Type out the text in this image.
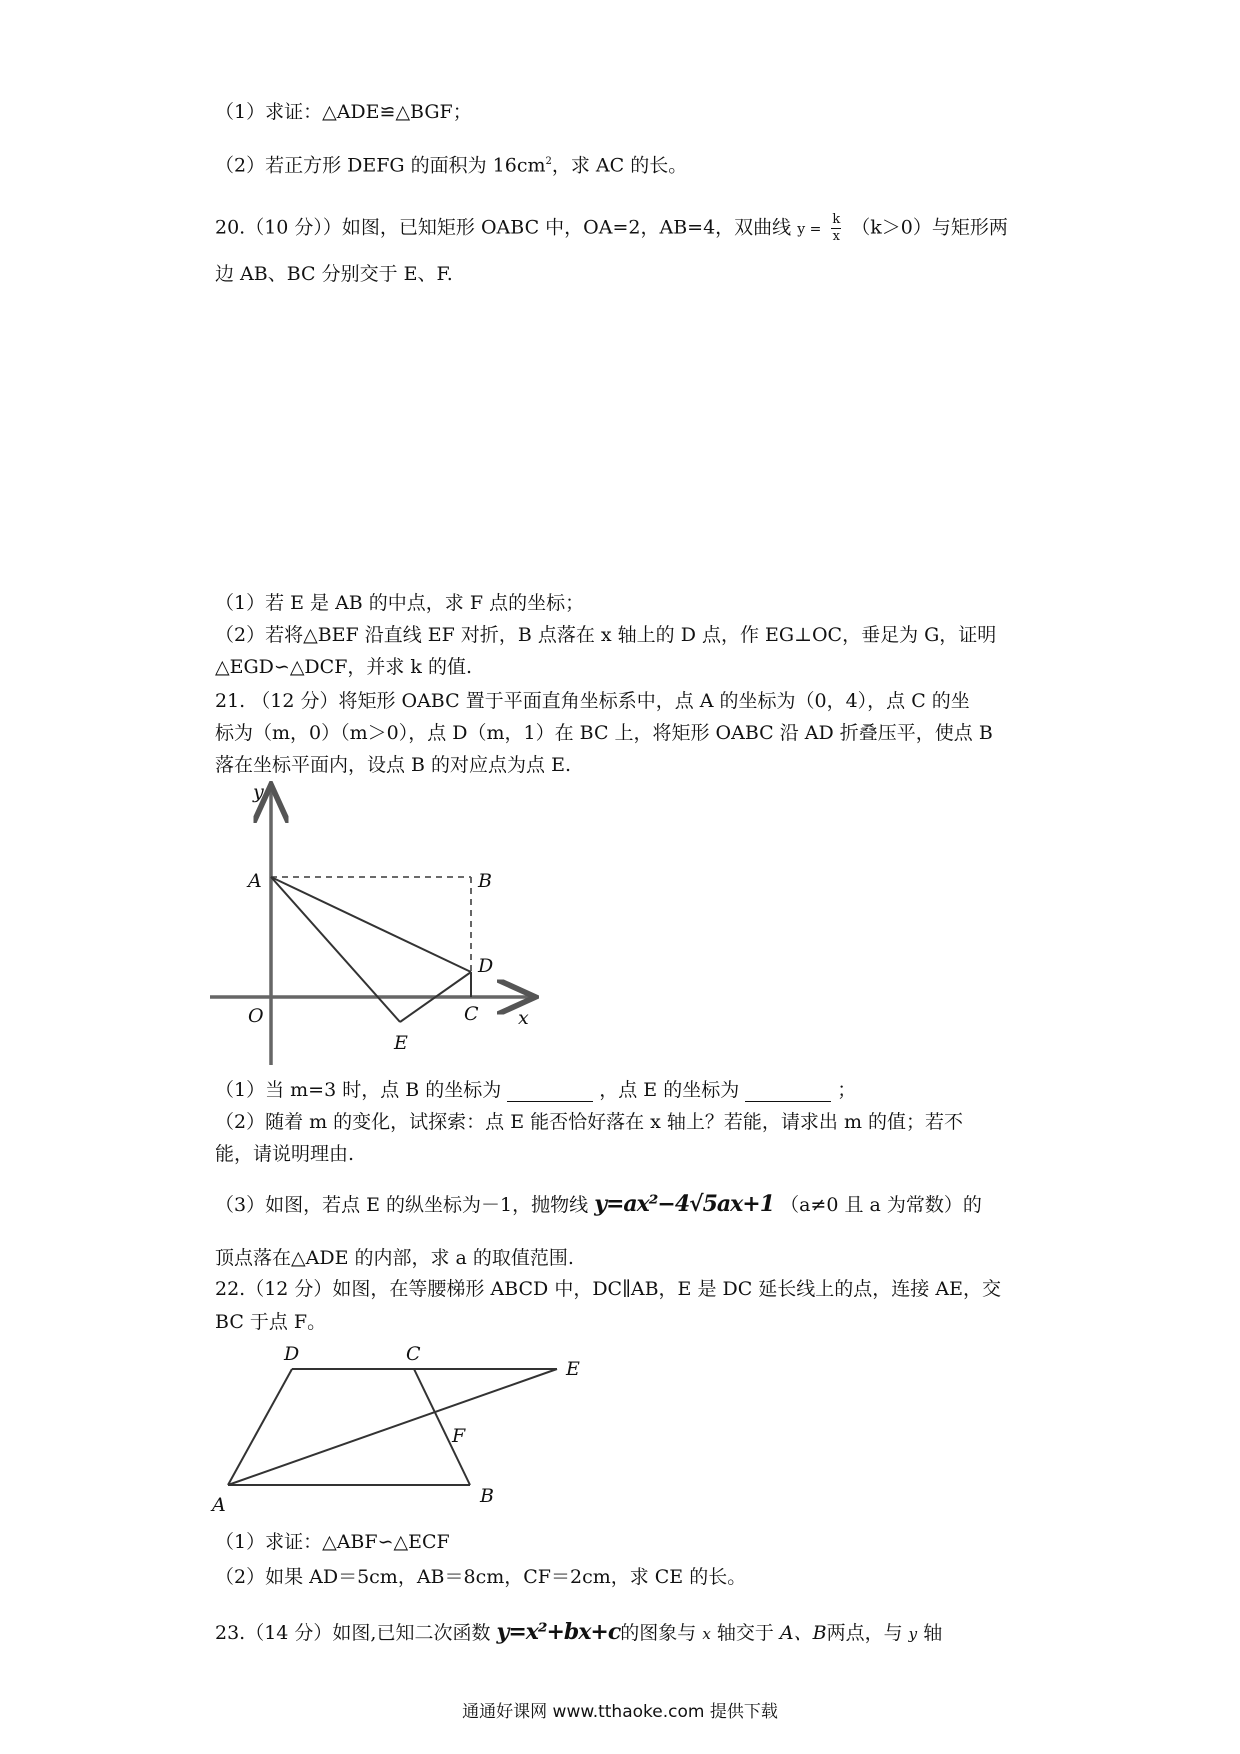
（1）求证：△ADE≌△BGF；
（2）若正方形 DEFG 的面积为 $16cm^2$，求 AC 的长。
20.（10 分））如图，已知矩形 OABC 中，OA=2，AB=4，双曲线 $y = \frac{k}{x} (k>0)$与矩形两
边 AB、BC 分别交于 E、F.
（1）若 E 是 AB 的中点，求 F 点的坐标；
（2）若将△BEF 沿直线 EF 对折，B 点落在 x 轴上的 D 点，作 EG⊥OC，垂足为 G，证明
△EGD∽△DCF，并求 k 的值.
21. （12 分）将矩形 OABC 置于平面直角坐标系中，点 A 的坐标为（0，4），点 C 的坐
标为（m，0）（m＞0），点 D（m，1）在 BC 上，将矩形 OABC 沿 AD 折叠压平，使点 B
落在坐标平面内，设点 B 的对应点为点 E.
y
A	B
D
O	C x
E
（1）当 m=3 时，点 B 的坐标为	，点 E 的坐标为	；
（2）随着 m 的变化，试探索：点 E 能否恰好落在 x 轴上？若能，请求出 m 的值；若不
能，请说明理由.
（3）如图，若点 E 的纵坐标为－1，抛物线 y=ax²−4√5ax+1 （a≠0 且 a 为常数）的
顶点落在△ADE 的内部，求 a 的取值范围.
22.（12 分）如图，在等腰梯形 ABCD 中，DC∥AB，E 是 DC 延长线上的点，连接 AE，交
BC 于点 F。
D	C
E
F
A	B
（1）求证：△ABF∽△ECF
（2）如果 AD＝5cm，AB＝8cm，CF＝2cm，求 CE 的长。
23.（14 分）如图,已知二次函数 y=x²+bx+c的图象与 x 轴交于 A、B两点，与 y 轴
通通好课网 www.tthaoke.com 提供下载
